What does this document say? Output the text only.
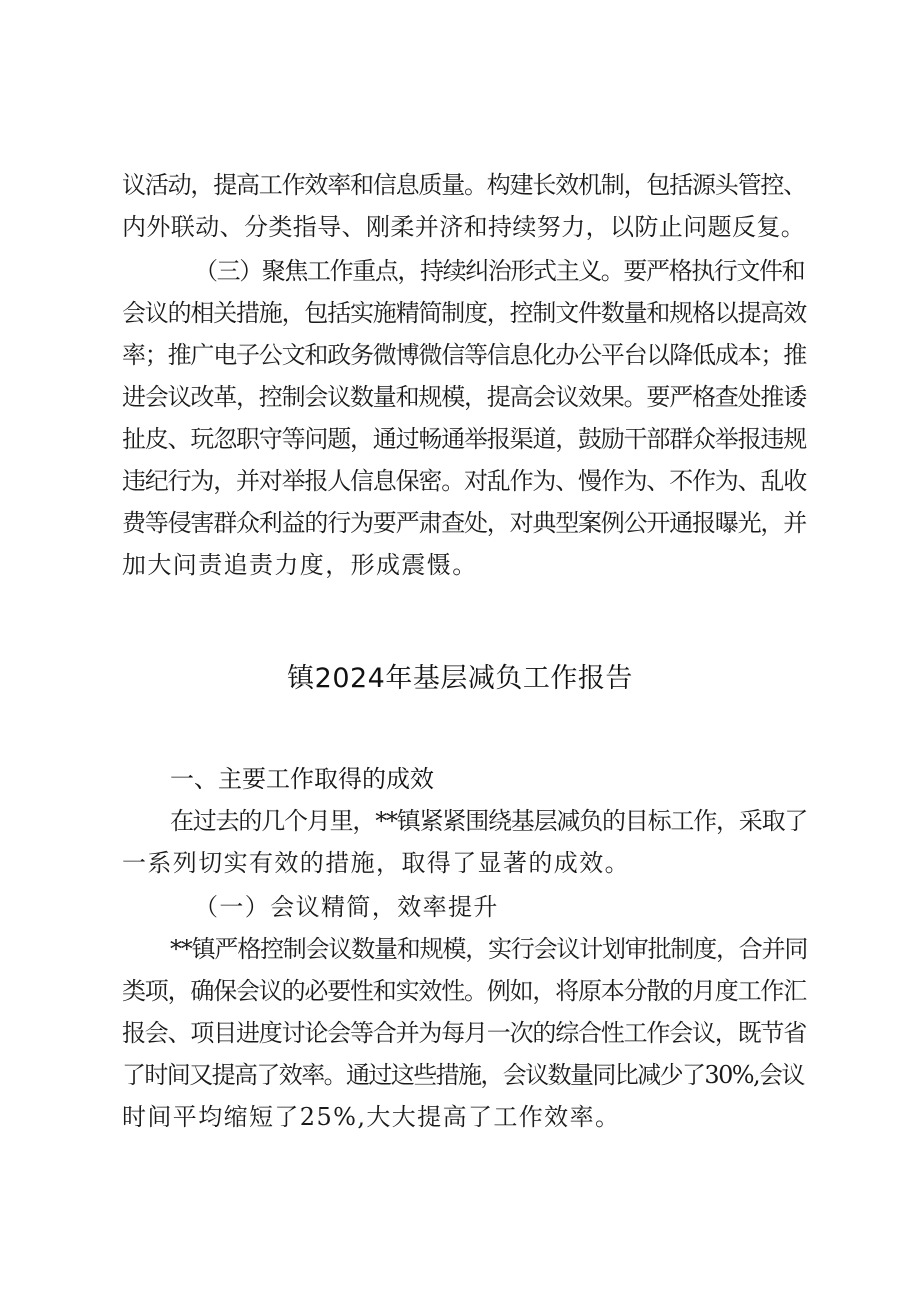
议活动，提高工作效率和信息质量。构建长效机制，包括源头管控、
内外联动、分类指导、刚柔并济和持续努力，以防止问题反复。
（三）聚焦工作重点，持续纠治形式主义。要严格执行文件和
会议的相关措施，包括实施精简制度，控制文件数量和规格以提高效
率；推广电子公文和政务微博微信等信息化办公平台以降低成本；推
进会议改革，控制会议数量和规模，提高会议效果。要严格查处推诿
扯皮、玩忽职守等问题，通过畅通举报渠道，鼓励干部群众举报违规
违纪行为，并对举报人信息保密。对乱作为、慢作为、不作为、乱收
费等侵害群众利益的行为要严肃查处，对典型案例公开通报曝光，并
加大问责追责力度，形成震慑。
镇2024年基层减负工作报告
一、主要工作取得的成效
在过去的几个月里，**镇紧紧围绕基层减负的目标工作，采取了
一系列切实有效的措施，取得了显著的成效。
（一）会议精简，效率提升
**镇严格控制会议数量和规模，实行会议计划审批制度，合并同
类项，确保会议的必要性和实效性。例如，将原本分散的月度工作汇
报会、项目进度讨论会等合并为每月一次的综合性工作会议，既节省
了时间又提高了效率。通过这些措施，会议数量同比减少了30%,会议
时间平均缩短了25%,大大提高了工作效率。
